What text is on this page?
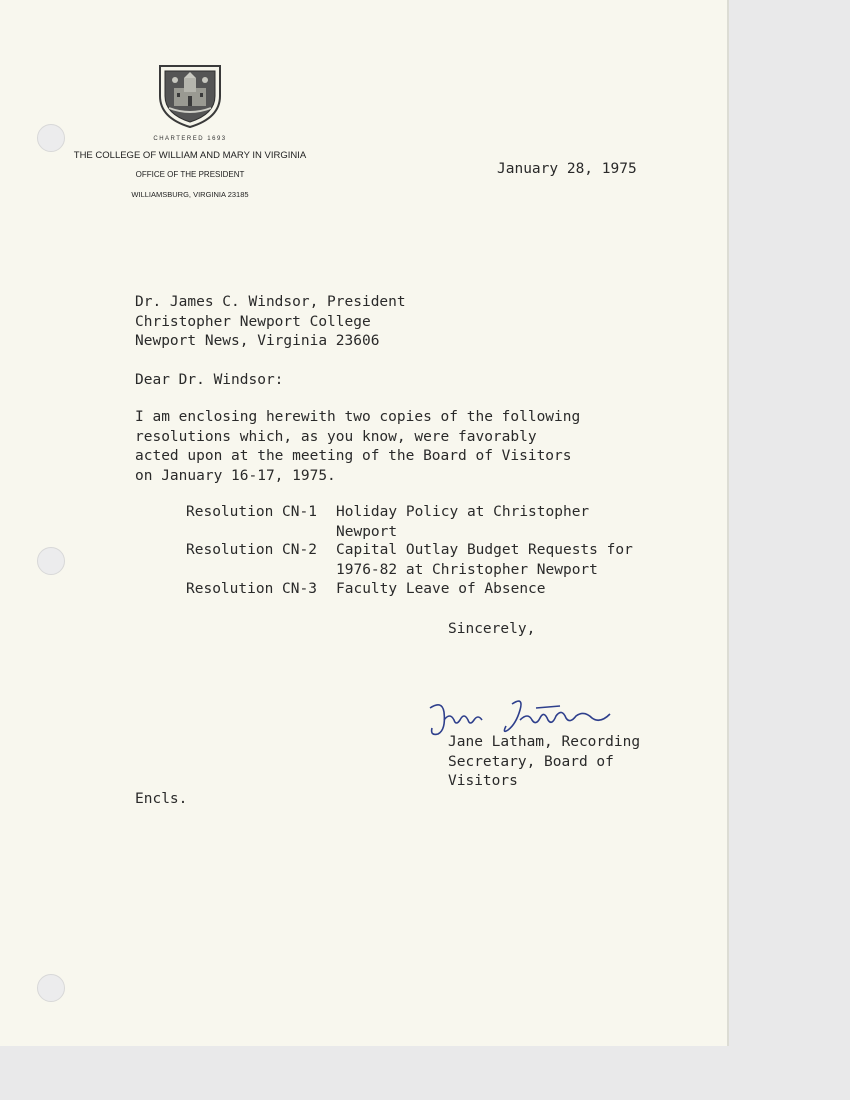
CHARTERED 1693
THE COLLEGE OF WILLIAM AND MARY IN VIRGINIA
OFFICE OF THE PRESIDENT
WILLIAMSBURG, VIRGINIA 23185
January 28, 1975
Dr. James C. Windsor, President
Christopher Newport College
Newport News, Virginia 23606
Dear Dr. Windsor:
I am enclosing herewith two copies of the following
resolutions which, as you know, were favorably
acted upon at the meeting of the Board of Visitors
on January 16-17, 1975.
Resolution CN-1 Holiday Policy at Christopher
Newport
Resolution CN-2 Capital Outlay Budget Requests for
1976-82 at Christopher Newport
Resolution CN-3 Faculty Leave of Absence
Sincerely,
Jane Latham, Recording
Secretary, Board of
Visitors
Encls.
